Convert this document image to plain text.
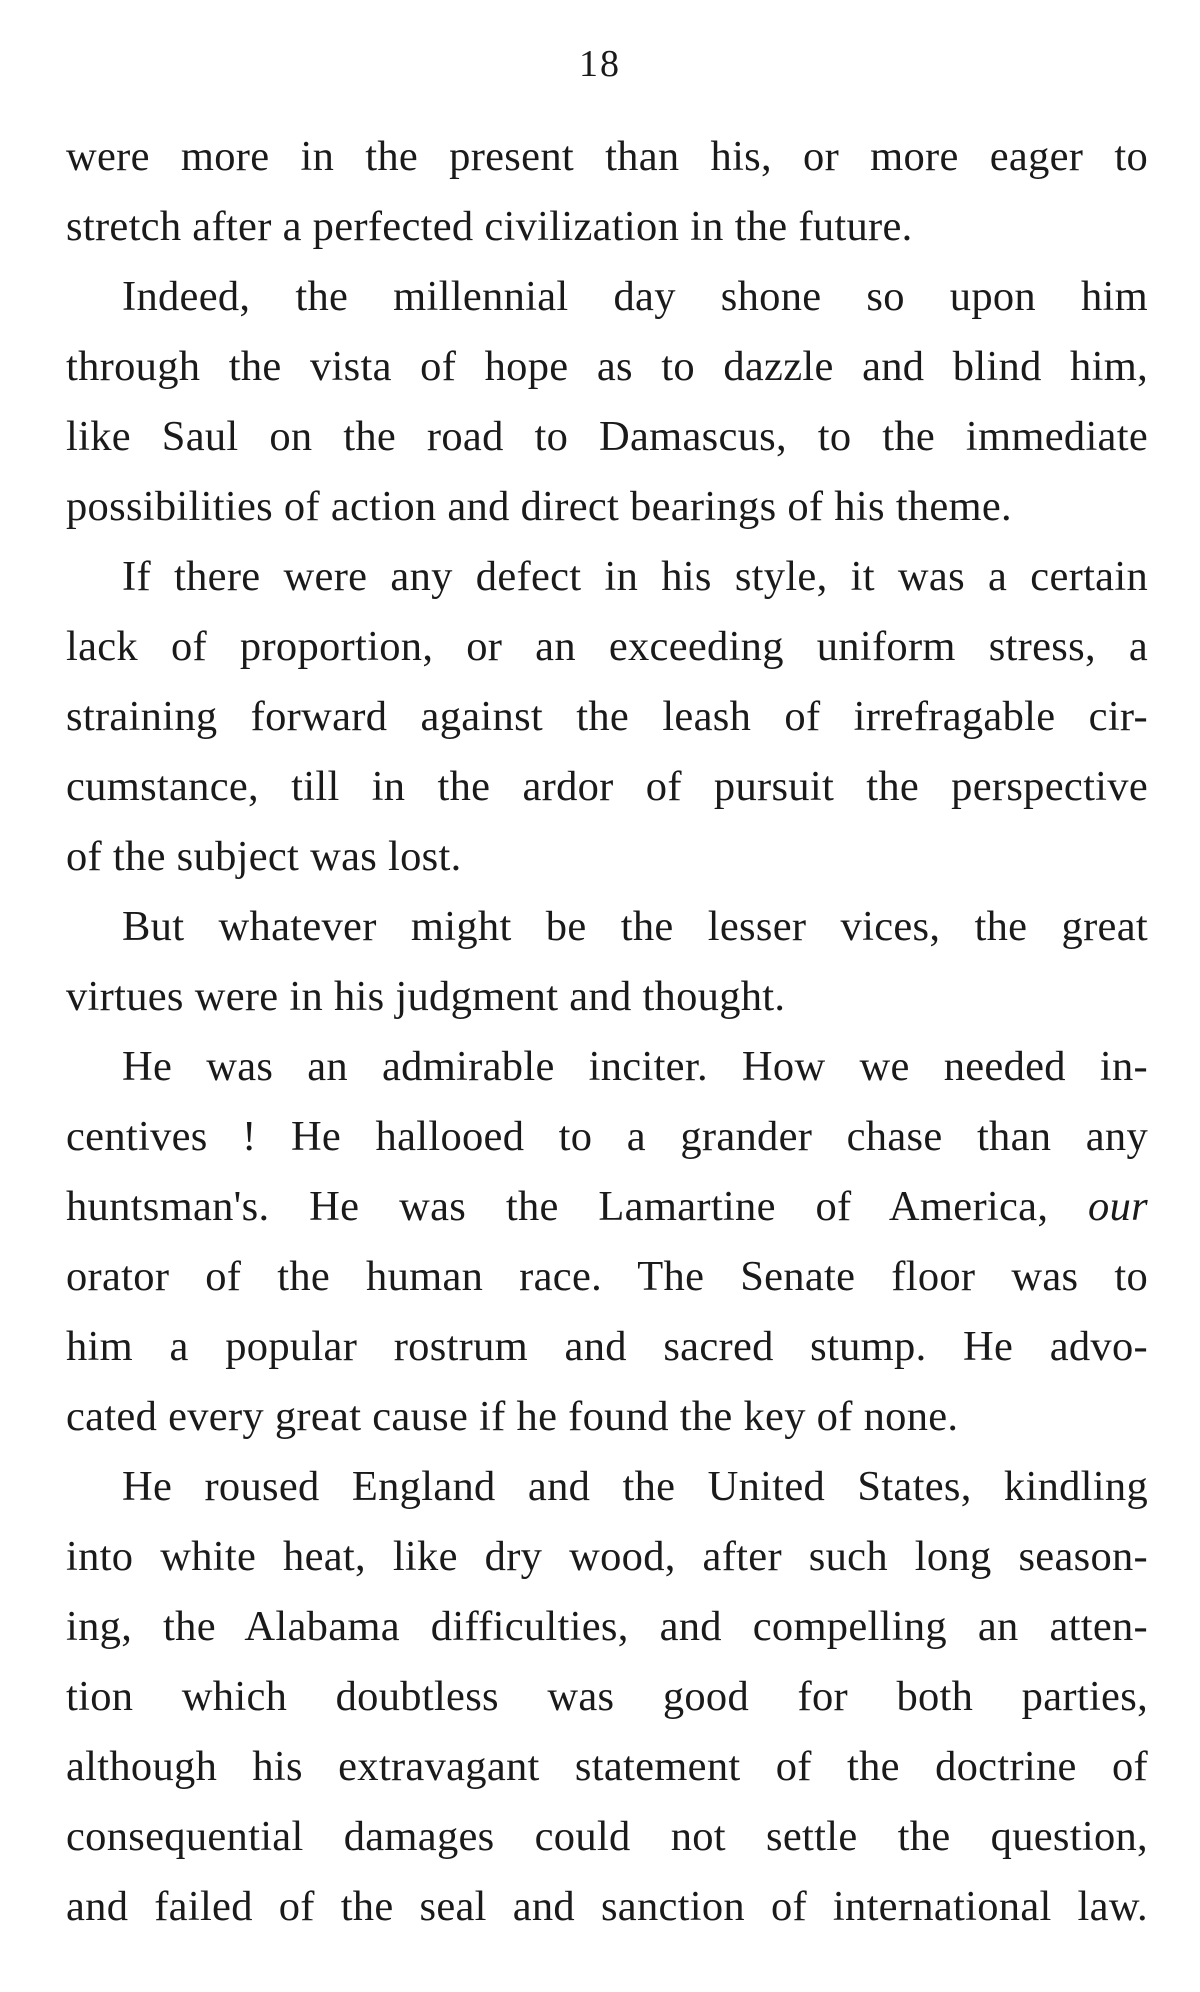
18
were more in the present than his, or more eager to
stretch after a perfected civilization in the future.
Indeed, the millennial day shone so upon him
through the vista of hope as to dazzle and blind him,
like Saul on the road to Damascus, to the immediate
possibilities of action and direct bearings of his theme.
If there were any defect in his style, it was a certain
lack of proportion, or an exceeding uniform stress, a
straining forward against the leash of irrefragable cir-
cumstance, till in the ardor of pursuit the perspective
of the subject was lost.
But whatever might be the lesser vices, the great
virtues were in his judgment and thought.
He was an admirable inciter. How we needed in-
centives ! He hallooed to a grander chase than any
huntsman's. He was the Lamartine of America, our
orator of the human race. The Senate floor was to
him a popular rostrum and sacred stump. He advo-
cated every great cause if he found the key of none.
He roused England and the United States, kindling
into white heat, like dry wood, after such long season-
ing, the Alabama difficulties, and compelling an atten-
tion which doubtless was good for both parties,
although his extravagant statement of the doctrine of
consequential damages could not settle the question,
and failed of the seal and sanction of international law.
